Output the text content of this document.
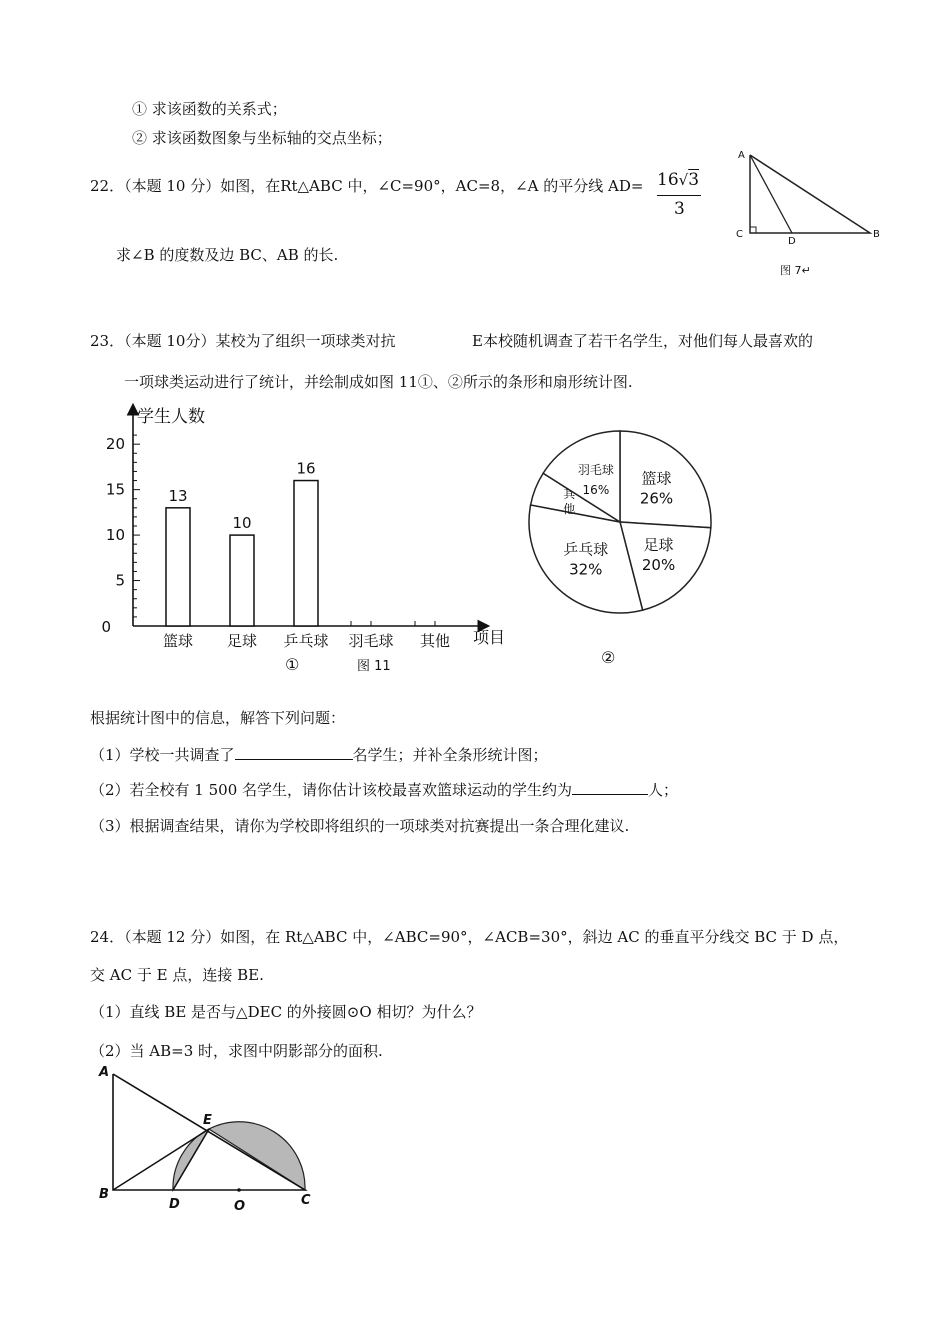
① 求该函数的关系式；
② 求该函数图象与坐标轴的交点坐标；
22．（本题 10 分）如图，在Rt△ABC 中，∠C=90°，AC=8，∠A 的平分线 AD= 16√3
3
求∠B 的度数及边 BC、AB 的长.
A
C
D
B
图 7↵
23．（本题 10分）某校为了组织一项球类对抗	E本校随机调查了若干名学生，对他们每人最喜欢的
一项球类运动进行了统计，并绘制成如图 11①、②所示的条形和扇形统计图.
学生人数
项目
图 11
①
0
5
10
15
20
篮球
13
足球
10
乒乓球
16
羽毛球 其他
篮球
26%
足球
20%
乒乓球
32%
其
他
羽毛球
16%
②
根据统计图中的信息，解答下列问题：
（1）学校一共调查了	名学生；并补全条形统计图；
（2）若全校有 1 500 名学生，请你估计该校最喜欢篮球运动的学生约为	人；
（3）根据调查结果，请你为学校即将组织的一项球类对抗赛提出一条合理化建议.
24．（本题 12 分）如图，在 Rt△ABC 中，∠ABC=90°，∠ACB=30°，斜边 AC 的垂直平分线交 BC 于 D 点，
交 AC 于 E 点，连接 BE.
（1）直线 BE 是否与△DEC 的外接圆⊙O 相切？为什么？
（2）当 AB=3 时，求图中阴影部分的面积.
A
E
B
D	O	C
